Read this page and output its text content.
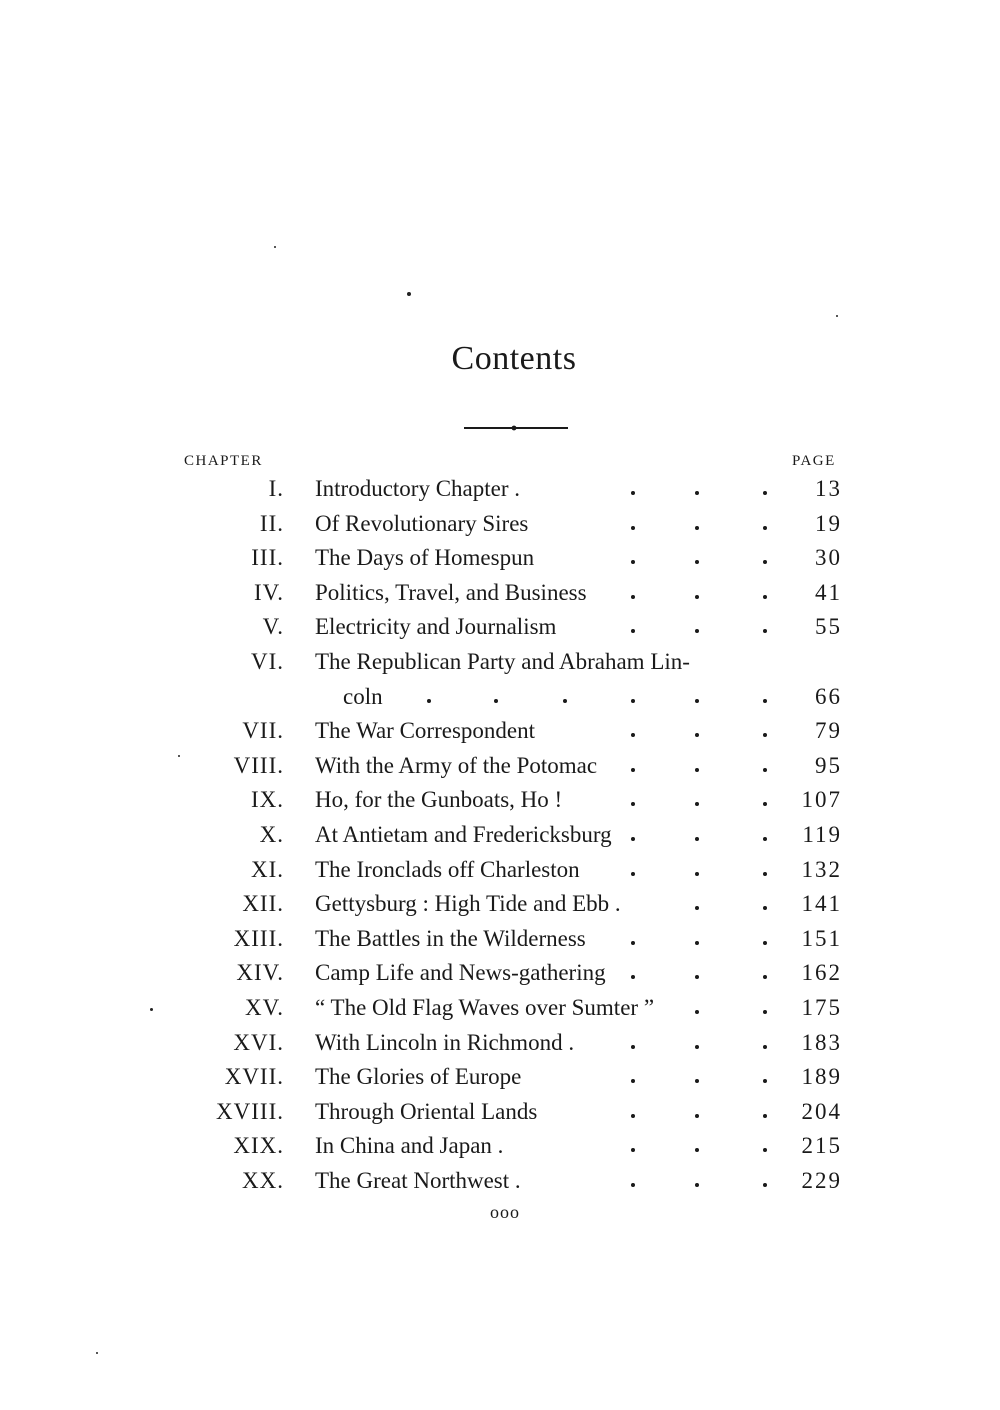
Contents
CHAPTER	PAGE
I. Introductory Chapter .	13
II. Of Revolutionary Sires	19
III. The Days of Homespun	30
IV. Politics, Travel, and Business	41
V. Electricity and Journalism	55
VI. The Republican Party and Abraham Lin-
coln	66
VII. The War Correspondent	79
VIII. With the Army of the Potomac	95
IX. Ho, for the Gunboats, Ho !	107
X. At Antietam and Fredericksburg	119
XI. The Ironclads off Charleston	132
XII. Gettysburg : High Tide and Ebb .	141
XIII. The Battles in the Wilderness	151
XIV. Camp Life and News-gathering	162
XV. “ The Old Flag Waves over Sumter ”	175
XVI. With Lincoln in Richmond .	183
XVII. The Glories of Europe	189
XVIII. Through Oriental Lands	204
XIX. In China and Japan .	215
XX. The Great Northwest .	229
ooo
